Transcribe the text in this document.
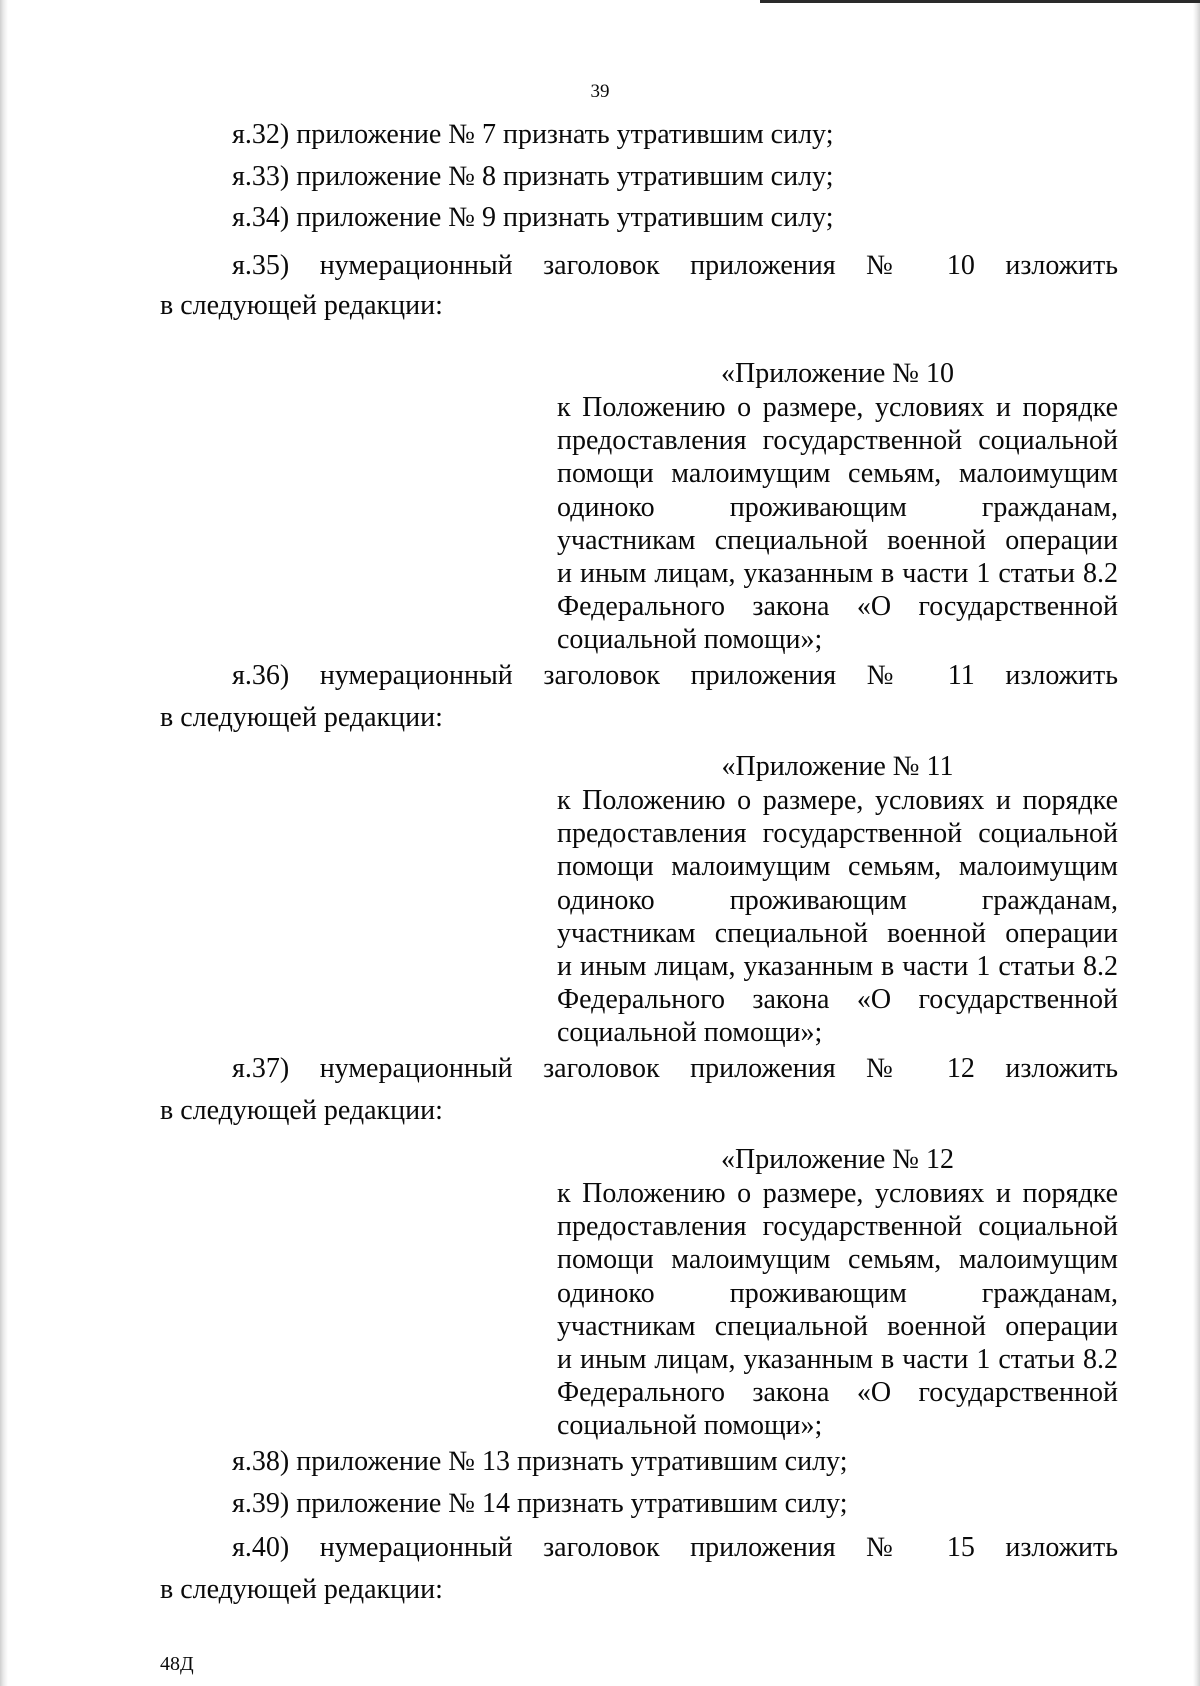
39
я.32) приложение № 7 признать утратившим силу;
я.33) приложение № 8 признать утратившим силу;
я.34) приложение № 9 признать утратившим силу;
я.35) нумерационный заголовок приложения № 10 изложить
в следующей редакции:
«Приложение № 10
к Положению о размере, условиях и порядке
предоставления государственной социальной
помощи малоимущим семьям, малоимущим
одиноко проживающим гражданам,
участникам специальной военной операции
и иным лицам, указанным в части 1 статьи 8.2
Федерального закона «О государственной
социальной помощи»;
я.36) нумерационный заголовок приложения № 11 изложить
в следующей редакции:
«Приложение № 11
к Положению о размере, условиях и порядке
предоставления государственной социальной
помощи малоимущим семьям, малоимущим
одиноко проживающим гражданам,
участникам специальной военной операции
и иным лицам, указанным в части 1 статьи 8.2
Федерального закона «О государственной
социальной помощи»;
я.37) нумерационный заголовок приложения № 12 изложить
в следующей редакции:
«Приложение № 12
к Положению о размере, условиях и порядке
предоставления государственной социальной
помощи малоимущим семьям, малоимущим
одиноко проживающим гражданам,
участникам специальной военной операции
и иным лицам, указанным в части 1 статьи 8.2
Федерального закона «О государственной
социальной помощи»;
я.38) приложение № 13 признать утратившим силу;
я.39) приложение № 14 признать утратившим силу;
я.40) нумерационный заголовок приложения № 15 изложить
в следующей редакции:
48Д
